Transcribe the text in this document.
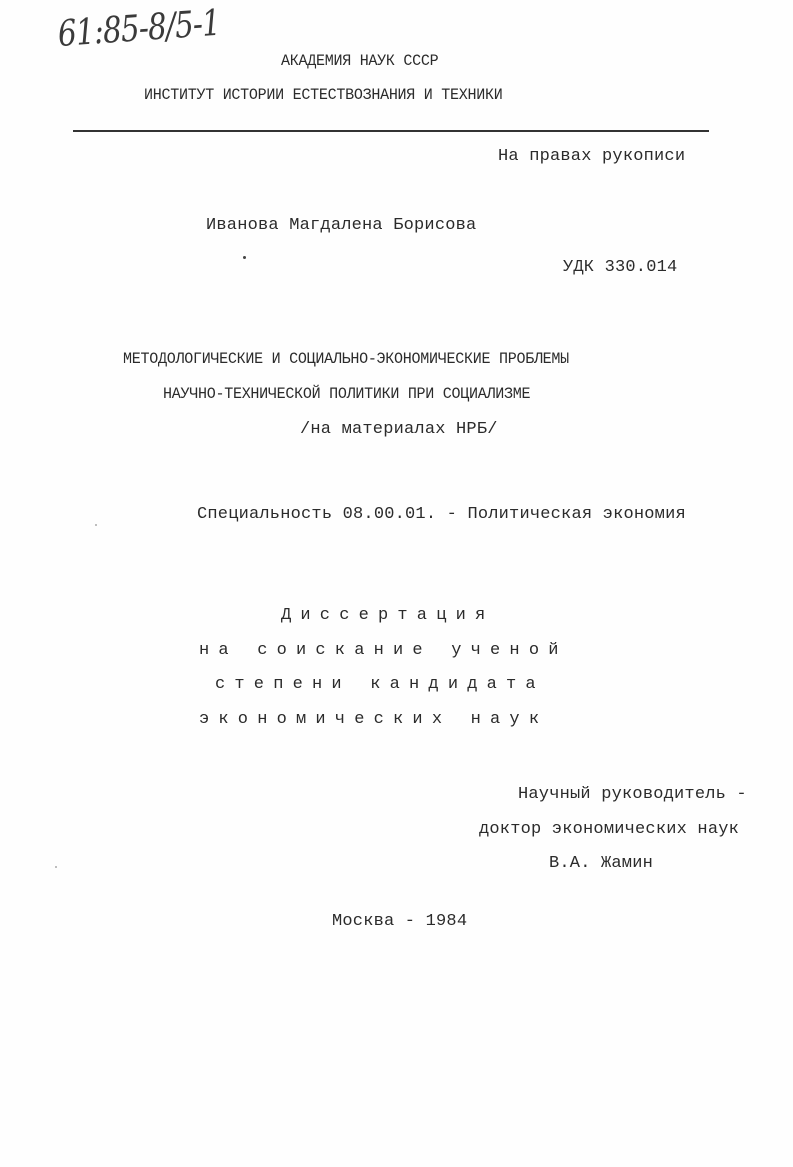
61:85-8/5-1
АКАДЕМИЯ НАУК СССР
ИНСТИТУТ ИСТОРИИ ЕСТЕСТВОЗНАНИЯ И ТЕХНИКИ
На правах рукописи
Иванова Магдалена Борисова
УДК 330.014
МЕТОДОЛОГИЧЕСКИЕ И СОЦИАЛЬНО-ЭКОНОМИЧЕСКИЕ ПРОБЛЕМЫ
НАУЧНО-ТЕХНИЧЕСКОЙ ПОЛИТИКИ ПРИ СОЦИАЛИЗМЕ
/на материалах НРБ/
Специальность 08.00.01. - Политическая экономия
Диссертация
на соискание ученой
степени кандидата
экономических наук
Научный руководитель -
доктор экономических наук
В.А. Жамин
Москва - 1984
